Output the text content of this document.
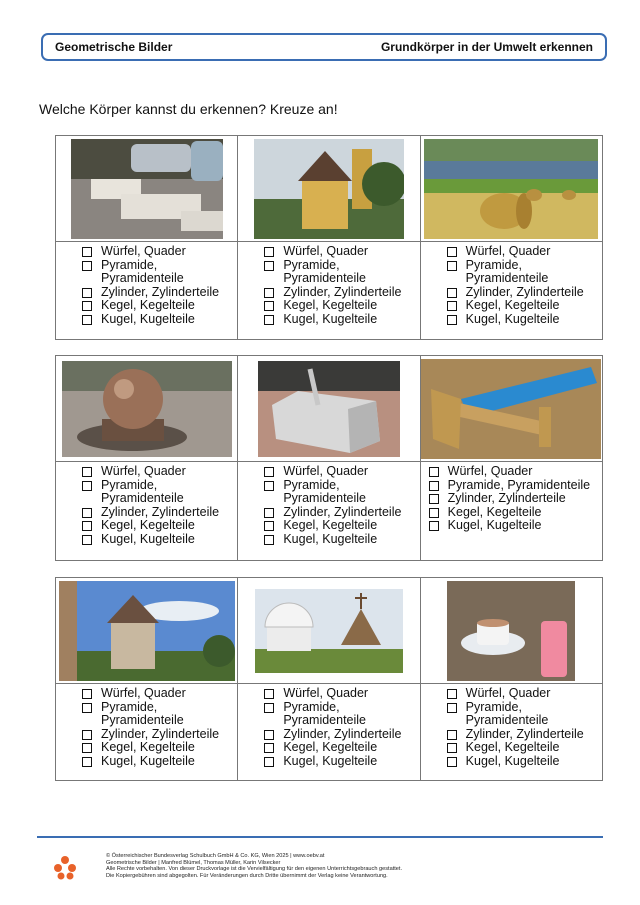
Geometrische Bilder	Grundkörper in der Umwelt erkennen
Welche Körper kannst du erkennen? Kreuze an!
Würfel, Quader
Pyramide,
Pyramidenteile
Zylinder, Zylinderteile
Kegel, Kegelteile
Kugel, Kugelteile
Würfel, Quader
Pyramide,
Pyramidenteile
Zylinder, Zylinderteile
Kegel, Kegelteile
Kugel, Kugelteile
Würfel, Quader
Pyramide,
Pyramidenteile
Zylinder, Zylinderteile
Kegel, Kegelteile
Kugel, Kugelteile
Würfel, Quader
Pyramide,
Pyramidenteile
Zylinder, Zylinderteile
Kegel, Kegelteile
Kugel, Kugelteile
Würfel, Quader
Pyramide,
Pyramidenteile
Zylinder, Zylinderteile
Kegel, Kegelteile
Kugel, Kugelteile
Würfel, Quader
Pyramide, Pyramidenteile
Zylinder, Zylinderteile
Kegel, Kegelteile
Kugel, Kugelteile
Würfel, Quader
Pyramide, Pyramidenteile
Zylinder, Zylinderteile
Kegel, Kegelteile
Kugel, Kugelteile
Würfel, Quader
Pyramide,
Pyramidenteile
Zylinder, Zylinderteile
Kegel, Kegelteile
Kugel, Kugelteile
Würfel, Quader
Pyramide,
Pyramidenteile
Zylinder, Zylinderteile
Kegel, Kegelteile
Kugel, Kugelteile
© Österreichischer Bundesverlag Schulbuch GmbH & Co. KG, Wien 2025 | www.oebv.at
Geometrische Bilder | Manfred Blümel, Thomas Müller, Karin Vilsecker
Alle Rechte vorbehalten. Von dieser Druckvorlage ist die Vervielfältigung für den eigenen Unterrichtsgebrauch gestattet.
Die Kopiergebühren sind abgegolten. Für Veränderungen durch Dritte übernimmt der Verlag keine Verantwortung.
